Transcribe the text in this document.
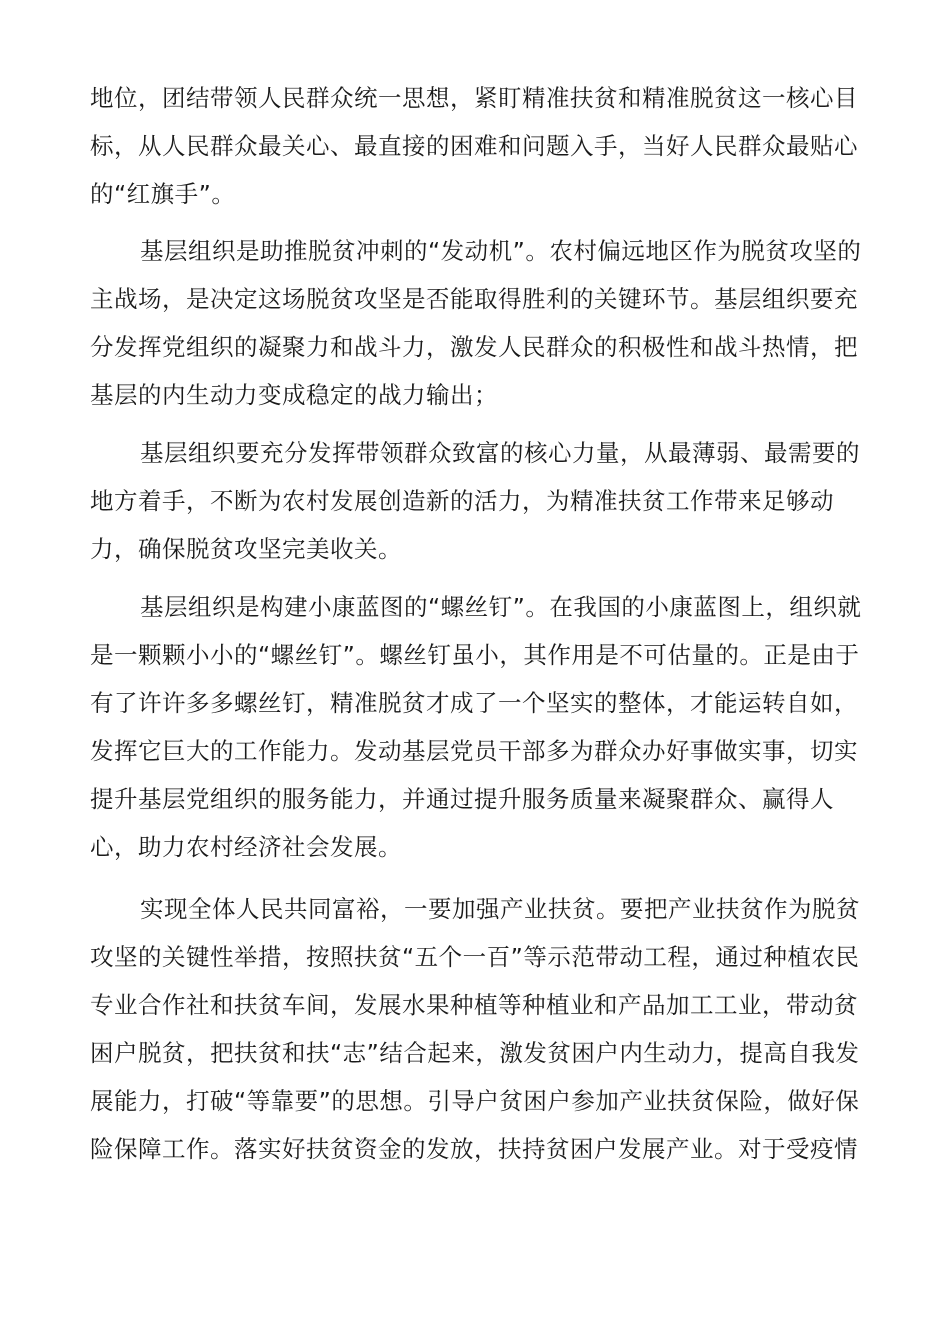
地位，团结带领人民群众统一思想，紧盯精准扶贫和精准脱贫这一核心目
标，从人民群众最关心、最直接的困难和问题入手，当好人民群众最贴心
的“红旗手”。
基层组织是助推脱贫冲刺的“发动机”。农村偏远地区作为脱贫攻坚的
主战场，是决定这场脱贫攻坚是否能取得胜利的关键环节。基层组织要充
分发挥党组织的凝聚力和战斗力，激发人民群众的积极性和战斗热情，把
基层的内生动力变成稳定的战力输出；
基层组织要充分发挥带领群众致富的核心力量，从最薄弱、最需要的
地方着手，不断为农村发展创造新的活力，为精准扶贫工作带来足够动
力，确保脱贫攻坚完美收关。
基层组织是构建小康蓝图的“螺丝钉”。在我国的小康蓝图上，组织就
是一颗颗小小的“螺丝钉”。螺丝钉虽小，其作用是不可估量的。正是由于
有了许许多多螺丝钉，精准脱贫才成了一个坚实的整体，才能运转自如，
发挥它巨大的工作能力。发动基层党员干部多为群众办好事做实事，切实
提升基层党组织的服务能力，并通过提升服务质量来凝聚群众、赢得人
心，助力农村经济社会发展。
实现全体人民共同富裕，一要加强产业扶贫。要把产业扶贫作为脱贫
攻坚的关键性举措，按照扶贫“五个一百”等示范带动工程，通过种植农民
专业合作社和扶贫车间，发展水果种植等种植业和产品加工工业，带动贫
困户脱贫，把扶贫和扶“志”结合起来，激发贫困户内生动力，提高自我发
展能力，打破“等靠要”的思想。引导户贫困户参加产业扶贫保险，做好保
险保障工作。落实好扶贫资金的发放，扶持贫困户发展产业。对于受疫情
